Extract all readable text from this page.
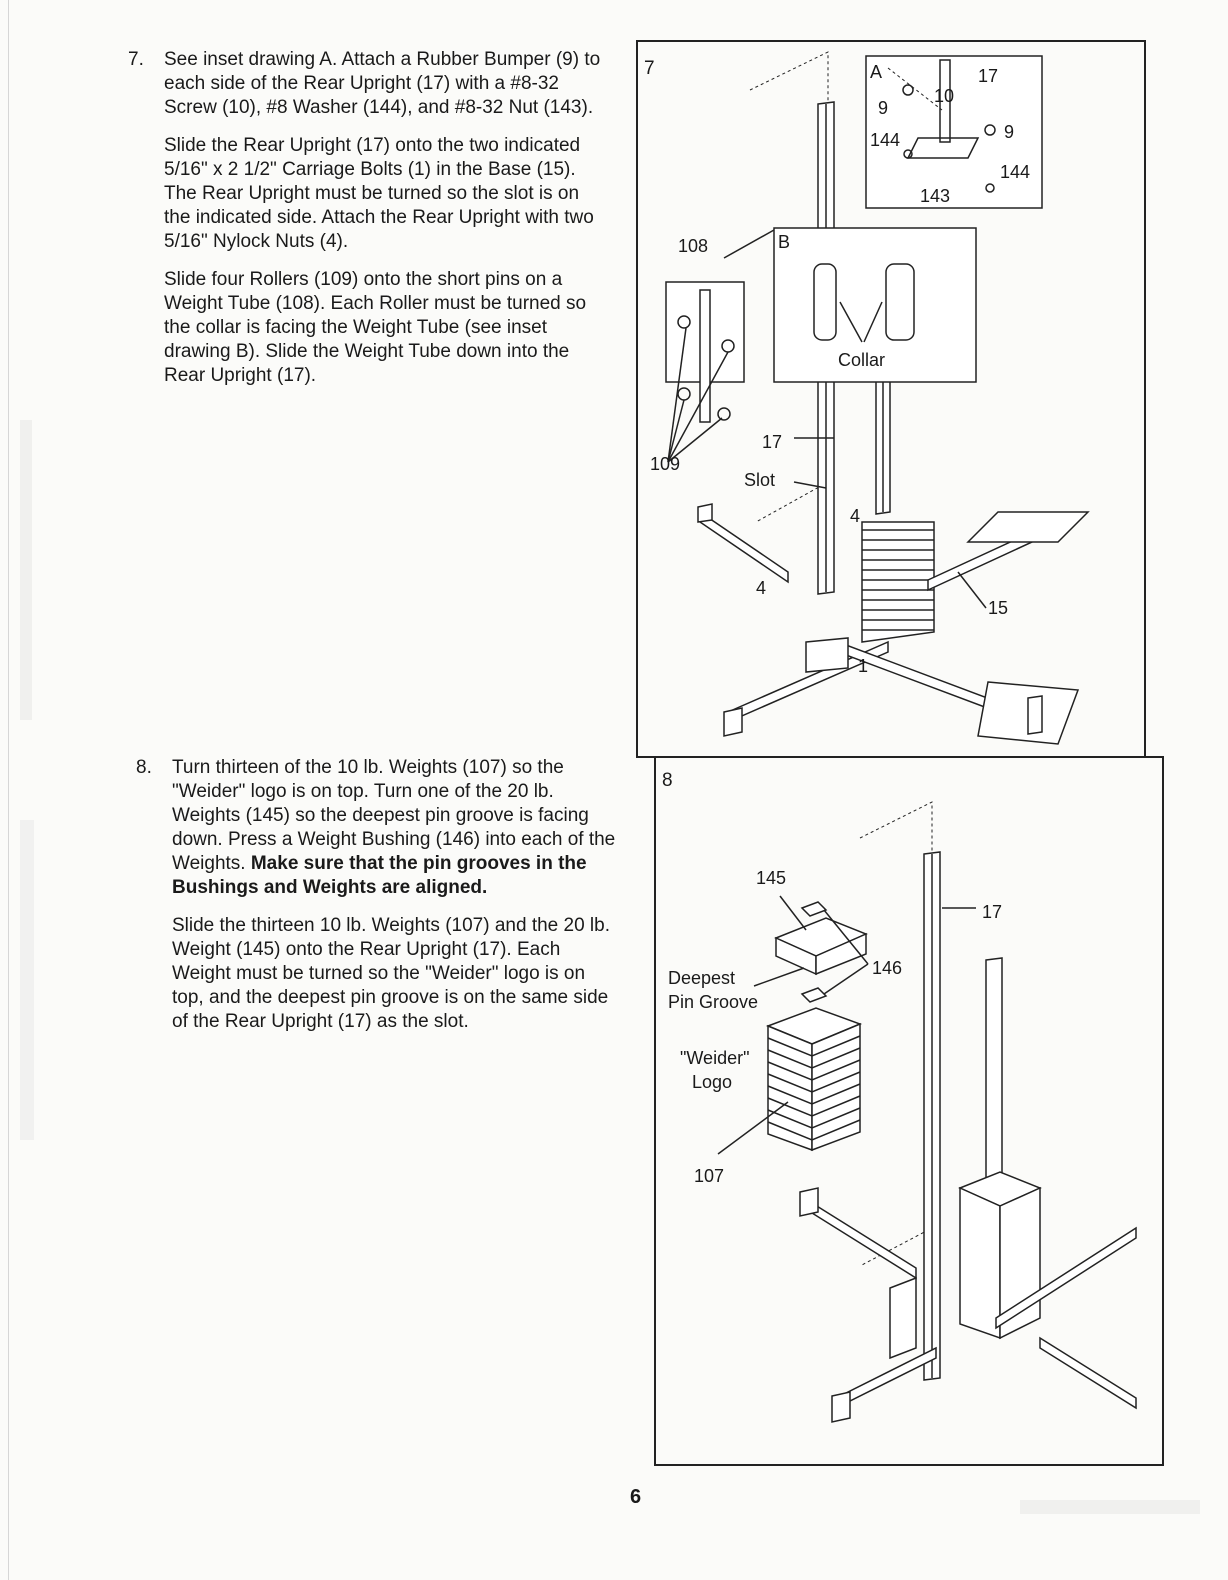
7. See inset drawing A. Attach a Rubber Bumper (9) to each side of the Rear Upright (17) with a #8-32 Screw (10), #8 Washer (144), and #8-32 Nut (143).

Slide the Rear Upright (17) onto the two indicated 5/16" x 2 1/2" Carriage Bolts (1) in the Base (15). The Rear Upright must be turned so the slot is on the indicated side. Attach the Rear Upright with two 5/16" Nylock Nuts (4).

Slide four Rollers (109) onto the short pins on a Weight Tube (108). Each Roller must be turned so the collar is facing the Weight Tube (see inset drawing B). Slide the Weight Tube down into the Rear Upright (17).

8. Turn thirteen of the 10 lb. Weights (107) so the "Weider" logo is on top. Turn one of the 20 lb. Weights (145) so the deepest pin groove is facing down. Press a Weight Bushing (146) into each of the Weights. Make sure that the pin grooves in the Bushings and Weights are aligned.

Slide the thirteen 10 lb. Weights (107) and the 20 lb. Weight (145) onto the Rear Upright (17). Each Weight must be turned so the "Weider" logo is on top, and the deepest pin groove is on the same side of the Rear Upright (17) as the slot.

7	A	17
10
9
9
144
144
143
B
Collar
108
109
17
Slot
4
4
15
1
8
145
17
146
Deepest
Pin Groove
"Weider"
Logo
107
6
